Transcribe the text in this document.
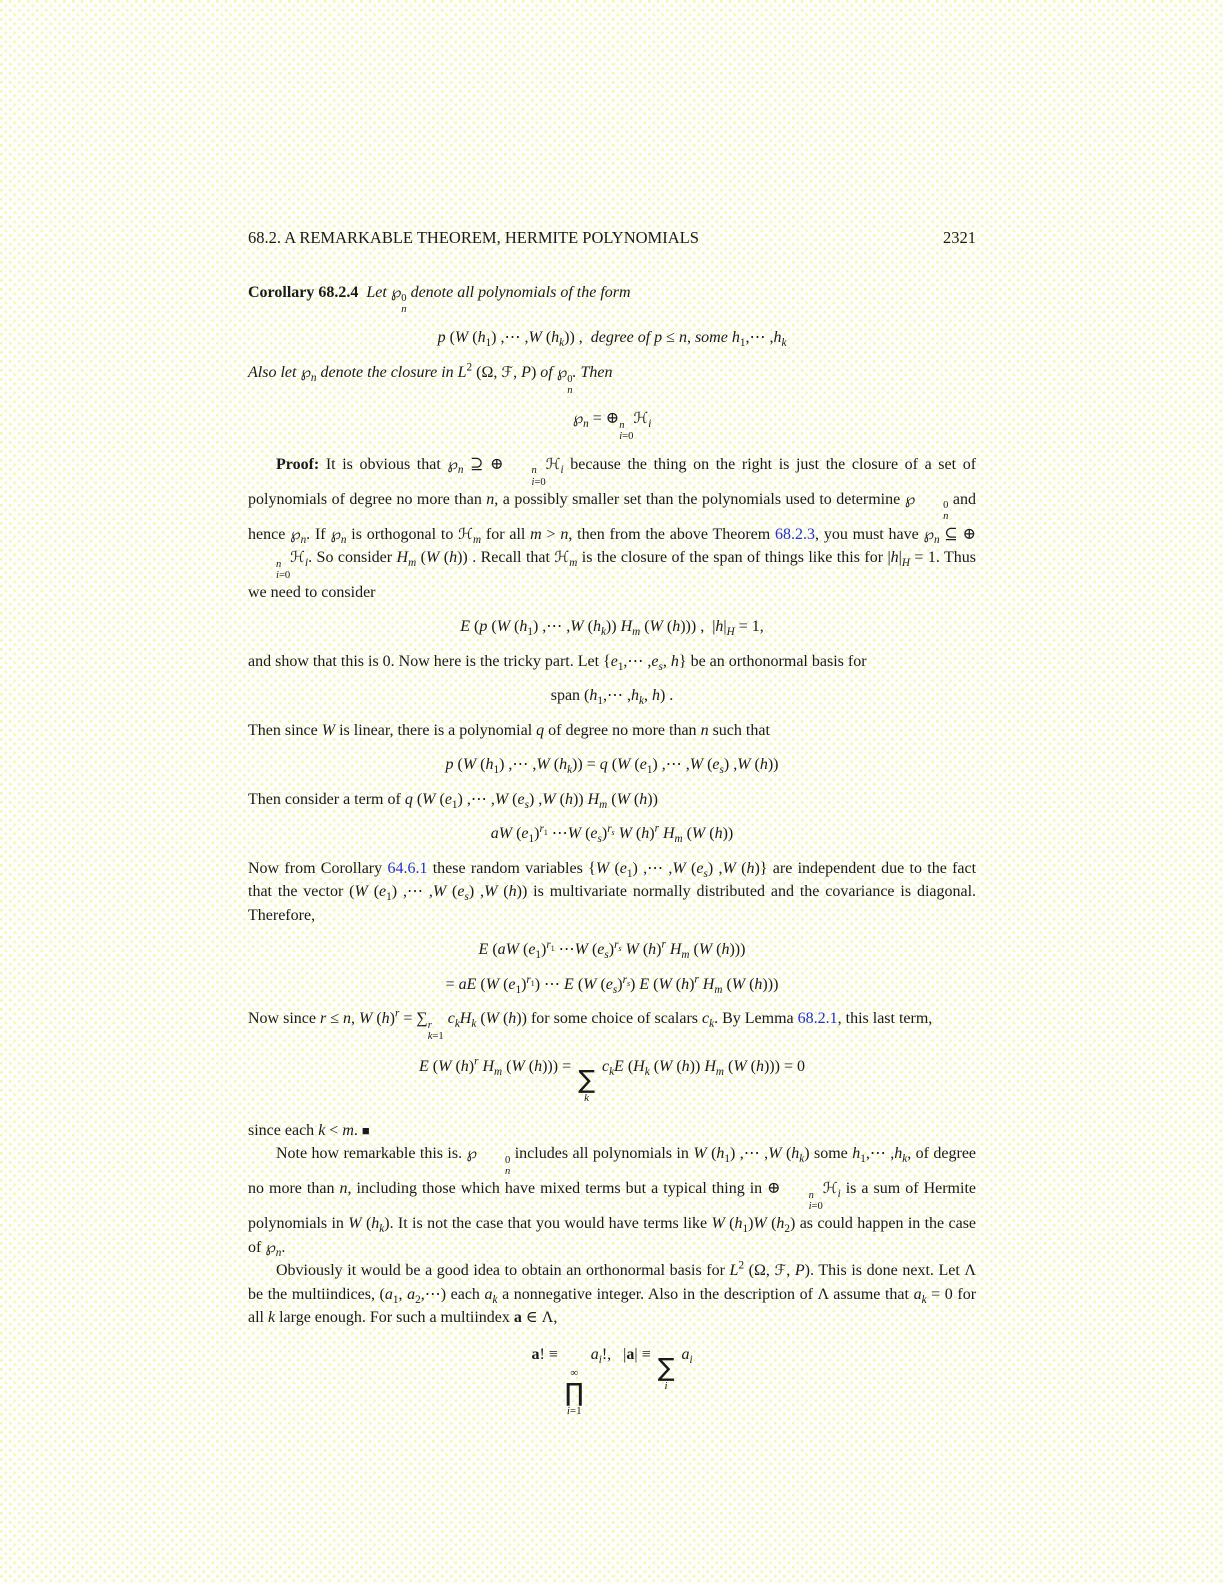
68.2. A REMARKABLE THEOREM, HERMITE POLYNOMIALS	2321
Corollary 68.2.4 Let ℘ 0
n
denote all polynomials of the form
p (W $(h_1)$ ,⋯ ,W $(h_k)$) ,  degree of p ≤ n, some $h_1,\cdots$ $,h_k$
Also let $℘_n$ denote the closure in $L^2$ (Ω, ℱ, P) of ℘ 0
n
. Then
$℘_n$ = ⊕ n
i=0
ℋ$_i$
Proof: It is obvious that $℘_n$ ⊇ ⊕	n
i=0
ℋ$_i$ because the thing on the right is just the closure of a set of polynomials of degree no more than n, a possibly smaller set than the polynomials used to determine ℘	0
n
and hence $℘_n$. If $℘_n$ is orthogonal to ℋ$_m$ for all m > n, then from the above Theorem 68.2.3, you must have $℘_n$ ⊆ ⊕
n
i=0
ℋ$_i$. So consider $H_m$ (W (h)) . Recall that ℋ$_m$ is the closure of the span of things like this for $|h|_H = 1$. Thus we need to consider
E (p (W $(h_1)$ ,⋯ ,W $(h_k)$) $H_m$ (W (h))) ,  $|h|_H = 1$,
and show that this is 0. Now here is the tricky part. Let {$e_1,\cdots$ $,e_s$, h} be an orthonormal basis for
span ($h_1,\cdots$ $,h_k$, h) .
Then since W is linear, there is a polynomial q of degree no more than n such that
p (W $(h_1)$ ,⋯ ,W $(h_k)) = q$ (W $(e_1)$ ,⋯ ,W $(e_s)$ ,W (h))
Then consider a term of q (W $(e_1)$ ,⋯ ,W $(e_s)$ ,W (h)) $H_m$ (W (h))
aW $(e_1)^{r_1}$ ⋯W $(e_s)^{r_s}$ W $(h)^r$ $H_m$ (W (h))
Now from Corollary 64.6.1 these random variables {W $(e_1)$ ,⋯ ,W $(e_s)$ ,W (h)} are independent due to the fact that the vector (W $(e_1)$ ,⋯ ,W $(e_s)$ ,W (h)) is multivariate normally distributed and the covariance is diagonal. Therefore,
E (aW $(e_1)^{r_1}$ ⋯W $(e_s)^{r_s}$ W $(h)^r$ $H_m$ (W (h)))
= aE (W $(e_1)^{r_1}$) ⋯ E (W $(e_s)^{r_s}$) E (W $(h)^r$ $H_m$ (W (h)))
Now since r ≤ n, W $(h)^r$ = ∑ r
k=1
$c_kH_k$ (W (h)) for some choice of scalars $c_k$. By Lemma 68.2.1, this last term,
E (W $(h)^r$ $H_m$ (W (h))) = ∑
k
$c_kE$ ($H_k$ (W (h)) $H_m$ (W (h))) = 0
since each k < m. ■
Note how remarkable this is. ℘	0
n
includes all polynomials in W $(h_1)$ ,⋯ ,W $(h_k)$ some $h_1,\cdots$ $,h_k$, of degree no more than n, including those which have mixed terms but a typical thing in ⊕	n
i=0
ℋ$_i$ is a sum of Hermite polynomials in W $(h_k)$. It is not the case that you would have terms like W $(h_1)W$ $(h_2)$ as could happen in the case of $℘_n$.
Obviously it would be a good idea to obtain an orthonormal basis for $L^2$ (Ω, ℱ, P). This is done next. Let Λ be the multiindices, ($a_1$, $a_2,\cdots$) each $a_k$ a nonnegative integer. Also in the description of Λ assume that $a_k = 0$ for all k large enough. For such a multiindex a ∈ Λ,
a! ≡
∞
∏
i=1
$a_i$!,   |a| ≡ ∑
i
$a_i$
